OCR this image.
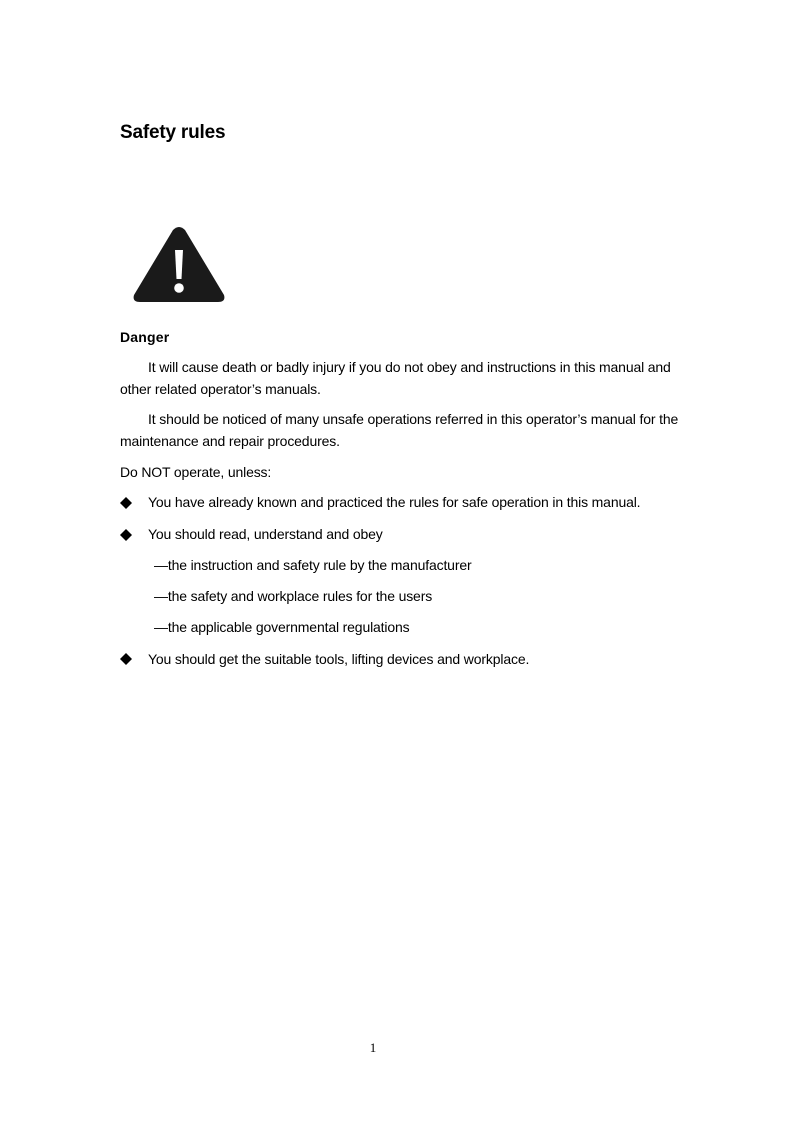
Safety rules
Danger
It will cause death or badly injury if you do not obey and instructions in this manual and other related operator’s manuals.
It should be noticed of many unsafe operations referred in this operator’s manual for the maintenance and repair procedures.
Do NOT operate, unless:
You have already known and practiced the rules for safe operation in this manual.
You should read, understand and obey
—the instruction and safety rule by the manufacturer
—the safety and workplace rules for the users
—the applicable governmental regulations
You should get the suitable tools, lifting devices and workplace.
1
